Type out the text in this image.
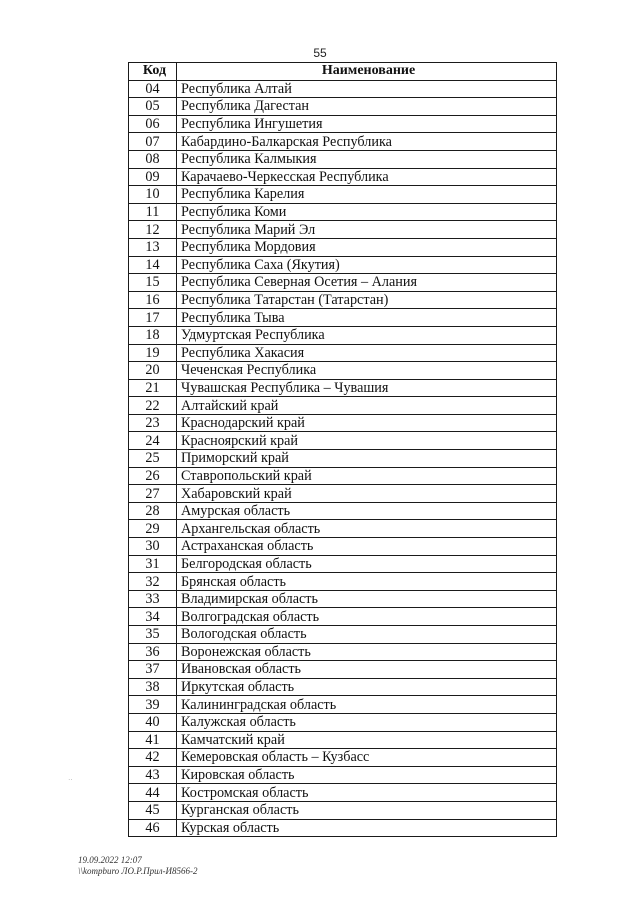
55
Код	Наименование
04	Республика Алтай
05	Республика Дагестан
06	Республика Ингушетия
07	Кабардино-Балкарская Республика
08	Республика Калмыкия
09	Карачаево-Черкесская Республика
10	Республика Карелия
11	Республика Коми
12	Республика Марий Эл
13	Республика Мордовия
14	Республика Саха (Якутия)
15	Республика Северная Осетия – Алания
16	Республика Татарстан (Татарстан)
17	Республика Тыва
18	Удмуртская Республика
19	Республика Хакасия
20	Чеченская Республика
21	Чувашская Республика – Чувашия
22	Алтайский край
23	Краснодарский край
24	Красноярский край
25	Приморский край
26	Ставропольский край
27	Хабаровский край
28	Амурская область
29	Архангельская область
30	Астраханская область
31	Белгородская область
32	Брянская область
33	Владимирская область
34	Волгоградская область
35	Вологодская область
36	Воронежская область
37	Ивановская область
38	Иркутская область
39	Калининградская область
40	Калужская область
41	Камчатский край
42	Кемеровская область – Кузбасс
43	Кировская область
44	Костромская область
45	Курганская область
46	Курская область
˙˙
19.09.2022 12:07
\\kompburo ЛО.Р.Прил-И8566-2
